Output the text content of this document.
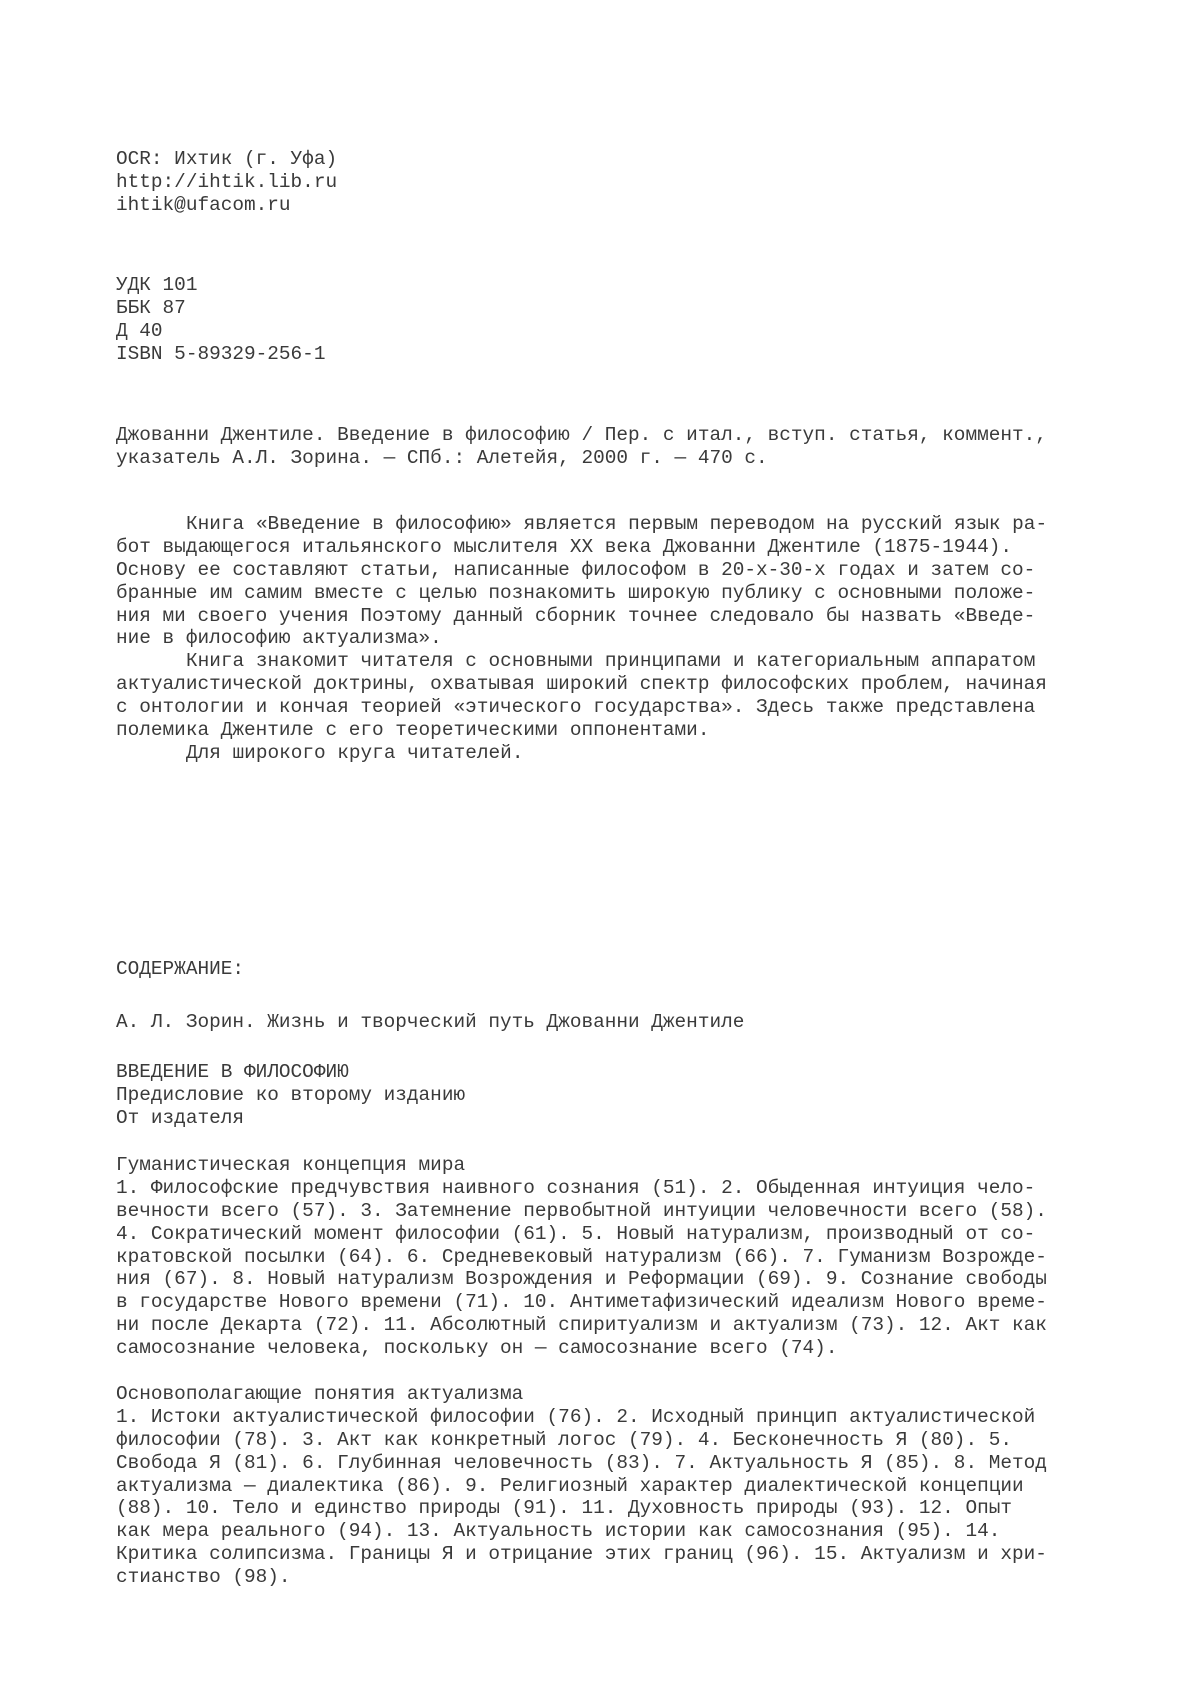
OCR: Ихтик (г. Уфа)
http://ihtik.lib.ru
ihtik@ufacom.ru
УДК 101
ББК 87
Д 40
ISBN 5-89329-256-1
Джованни Джентиле. Введение в философию / Пер. с итал., вступ. статья, коммент.,
указатель А.Л. Зорина. — СПб.: Алетейя, 2000 г. — 470 с.
Книга «Введение в философию» является первым переводом на русский язык ра-
бот выдающегося итальянского мыслителя XX века Джованни Джентиле (1875-1944).
Основу ее составляют статьи, написанные философом в 20-х-30-х годах и затем со-
бранные им самим вместе с целью познакомить широкую публику с основными положе-
ния ми своего учения Поэтому данный сборник точнее следовало бы назвать «Введе-
ние в философию актуализма».
Книга знакомит читателя с основными принципами и категориальным аппаратом
актуалистической доктрины, охватывая широкий спектр философских проблем, начиная
с онтологии и кончая теорией «этического государства». Здесь также представлена
полемика Джентиле с его теоретическими оппонентами.
Для широкого круга читателей.
СОДЕРЖАНИЕ:
А. Л. Зорин. Жизнь и творческий путь Джованни Джентиле
ВВЕДЕНИЕ В ФИЛОСОФИЮ
Предисловие ко второму изданию
От издателя
Гуманистическая концепция мира
1. Философские предчувствия наивного сознания (51). 2. Обыденная интуиция чело-
вечности всего (57). 3. Затемнение первобытной интуиции человечности всего (58).
4. Сократический момент философии (61). 5. Новый натурализм, производный от со-
кратовской посылки (64). 6. Средневековый натурализм (66). 7. Гуманизм Возрожде-
ния (67). 8. Новый натурализм Возрождения и Реформации (69). 9. Сознание свободы
в государстве Нового времени (71). 10. Антиметафизический идеализм Нового време-
ни после Декарта (72). 11. Абсолютный спиритуализм и актуализм (73). 12. Акт как
самосознание человека, поскольку он — самосознание всего (74).
Основополагающие понятия актуализма
1. Истоки актуалистической философии (76). 2. Исходный принцип актуалистической
философии (78). 3. Акт как конкретный логос (79). 4. Бесконечность Я (80). 5.
Свобода Я (81). 6. Глубинная человечность (83). 7. Актуальность Я (85). 8. Метод
актуализма — диалектика (86). 9. Религиозный характер диалектической концепции
(88). 10. Тело и единство природы (91). 11. Духовность природы (93). 12. Опыт
как мера реального (94). 13. Актуальность истории как самосознания (95). 14.
Критика солипсизма. Границы Я и отрицание этих границ (96). 15. Актуализм и хри-
стианство (98).
